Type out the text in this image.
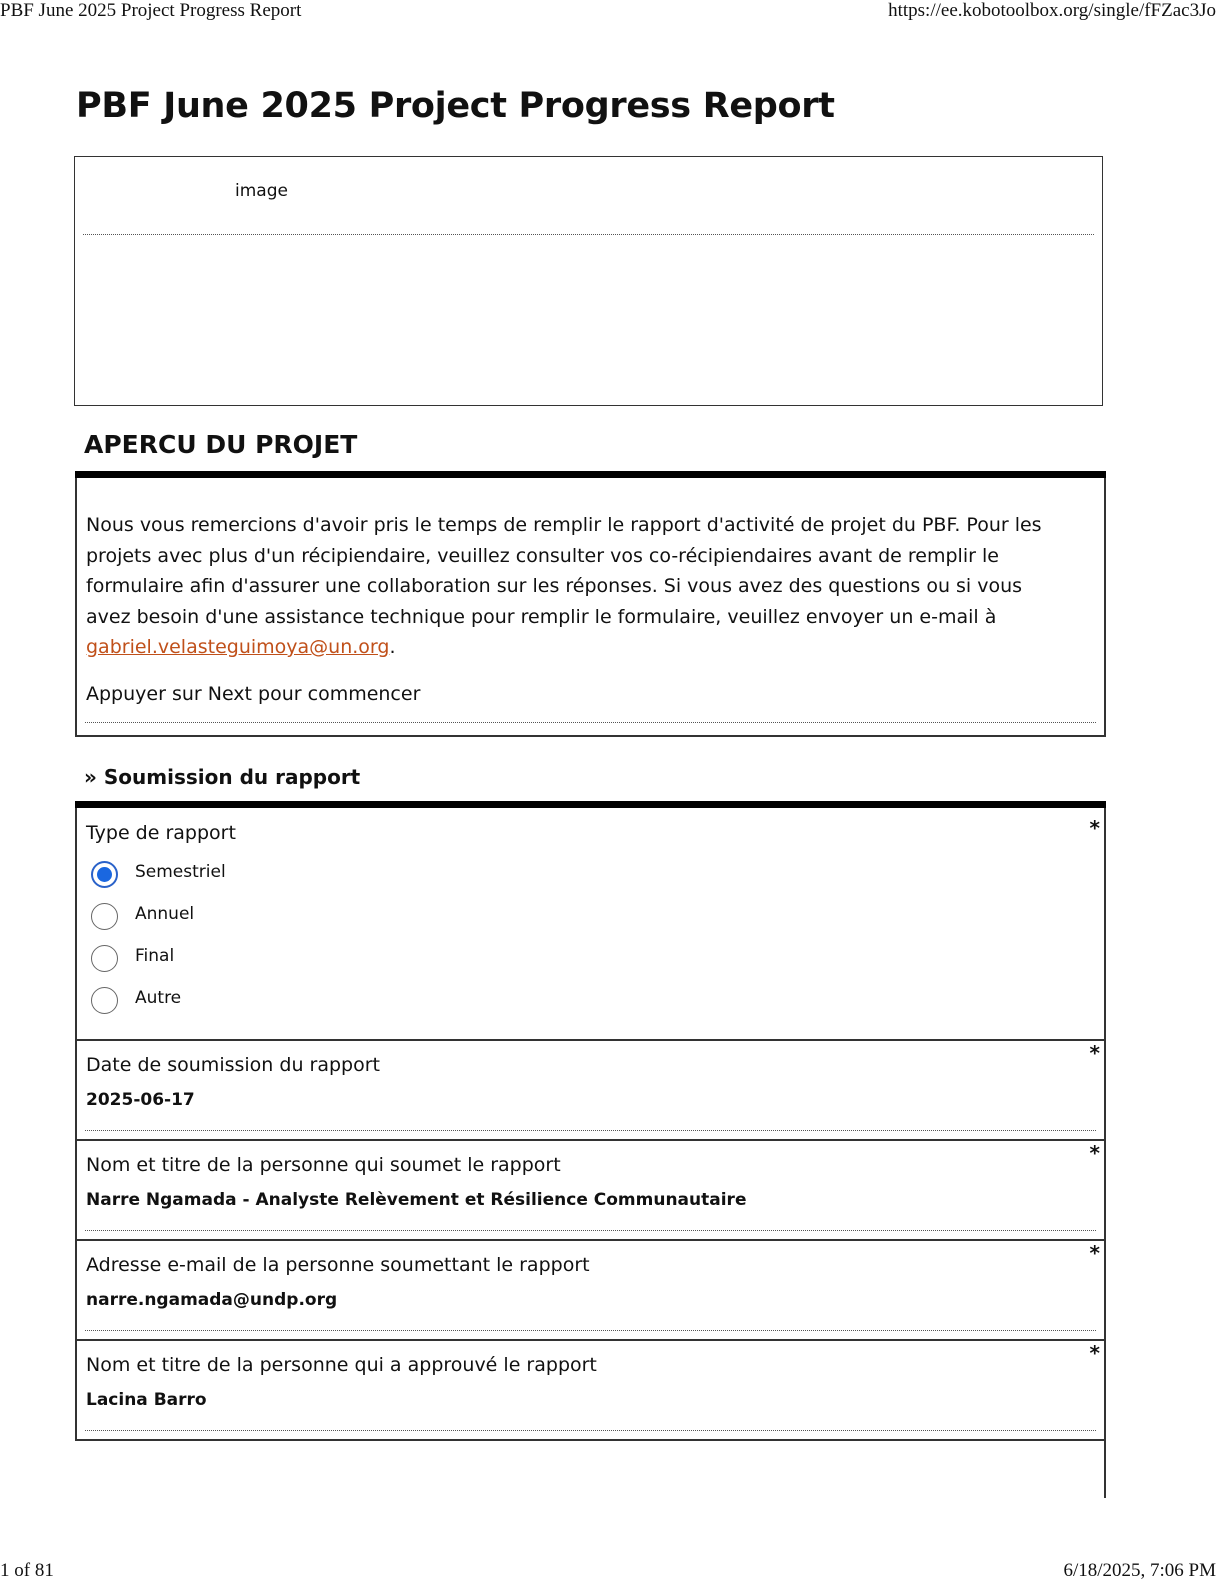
PBF June 2025 Project Progress Report	https://ee.kobotoolbox.org/single/fFZac3Jo
PBF June 2025 Project Progress Report
image
APERCU DU PROJET
Nous vous remercions d'avoir pris le temps de remplir le rapport d'activité de projet du PBF. Pour les projets avec plus d'un récipiendaire, veuillez consulter vos co-récipiendaires avant de remplir le formulaire afin d'assurer une collaboration sur les réponses. Si vous avez des questions ou si vous avez besoin d'une assistance technique pour remplir le formulaire, veuillez envoyer un e-mail à gabriel.velasteguimoya@un.org.
Appuyer sur Next pour commencer
» Soumission du rapport
Type de rapport	*
Semestriel
Annuel
Final
Autre
Date de soumission du rapport	*
2025-06-17
Nom et titre de la personne qui soumet le rapport	*
Narre Ngamada - Analyste Relèvement et Résilience Communautaire
Adresse e-mail de la personne soumettant le rapport	*
narre.ngamada@undp.org
Nom et titre de la personne qui a approuvé le rapport	*
Lacina Barro
1 of 81	6/18/2025, 7:06 PM
